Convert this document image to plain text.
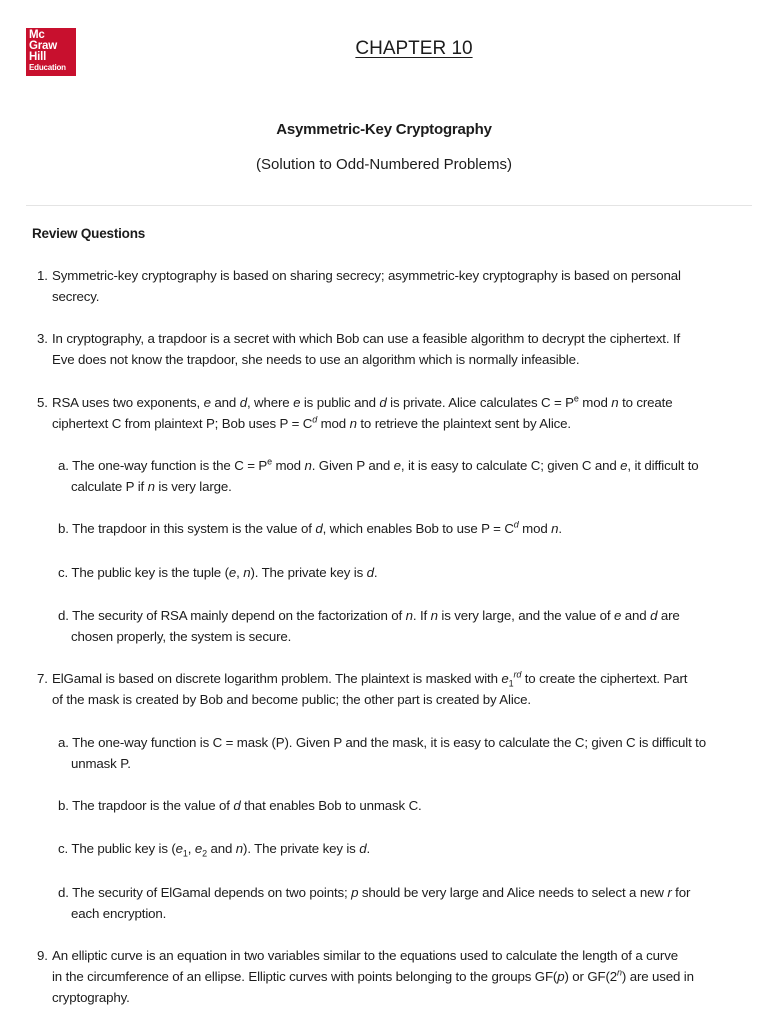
Mc
Graw
Hill
Education
CHAPTER 10
Asymmetric-Key Cryptography
(Solution to Odd-Numbered Problems)
Review Questions
1. Symmetric-key cryptography is based on sharing secrecy; asymmetric-key cryptography is based on personal
secrecy.
3. In cryptography, a trapdoor is a secret with which Bob can use a feasible algorithm to decrypt the ciphertext. If
Eve does not know the trapdoor, she needs to use an algorithm which is normally infeasible.
5. RSA uses two exponents, e and d, where e is public and d is private. Alice calculates $C = P^e$ mod n to create
ciphertext C from plaintext P; Bob uses $P = C^d$ mod n to retrieve the plaintext sent by Alice.
a. The one-way function is the $C = P^e$ mod n. Given P and e, it is easy to calculate C; given C and e, it difficult to
calculate P if n is very large.
b. The trapdoor in this system is the value of d, which enables Bob to use $P = C^d$ mod n.
c. The public key is the tuple (e, n). The private key is d.
d. The security of RSA mainly depend on the factorization of n. If n is very large, and the value of e and d are
chosen properly, the system is secure.
7. ElGamal is based on discrete logarithm problem. The plaintext is masked with $e_1^{rd}$ to create the ciphertext. Part
of the mask is created by Bob and become public; the other part is created by Alice.
a. The one-way function is C = mask (P). Given P and the mask, it is easy to calculate the C; given C is difficult to
unmask P.
b. The trapdoor is the value of d that enables Bob to unmask C.
c. The public key is ($e_1$, $e_2$ and n). The private key is d.
d. The security of ElGamal depends on two points; p should be very large and Alice needs to select a new r for
each encryption.
9. An elliptic curve is an equation in two variables similar to the equations used to calculate the length of a curve
in the circumference of an ellipse. Elliptic curves with points belonging to the groups GF(p) or GF(2$^n$) are used in
cryptography.
